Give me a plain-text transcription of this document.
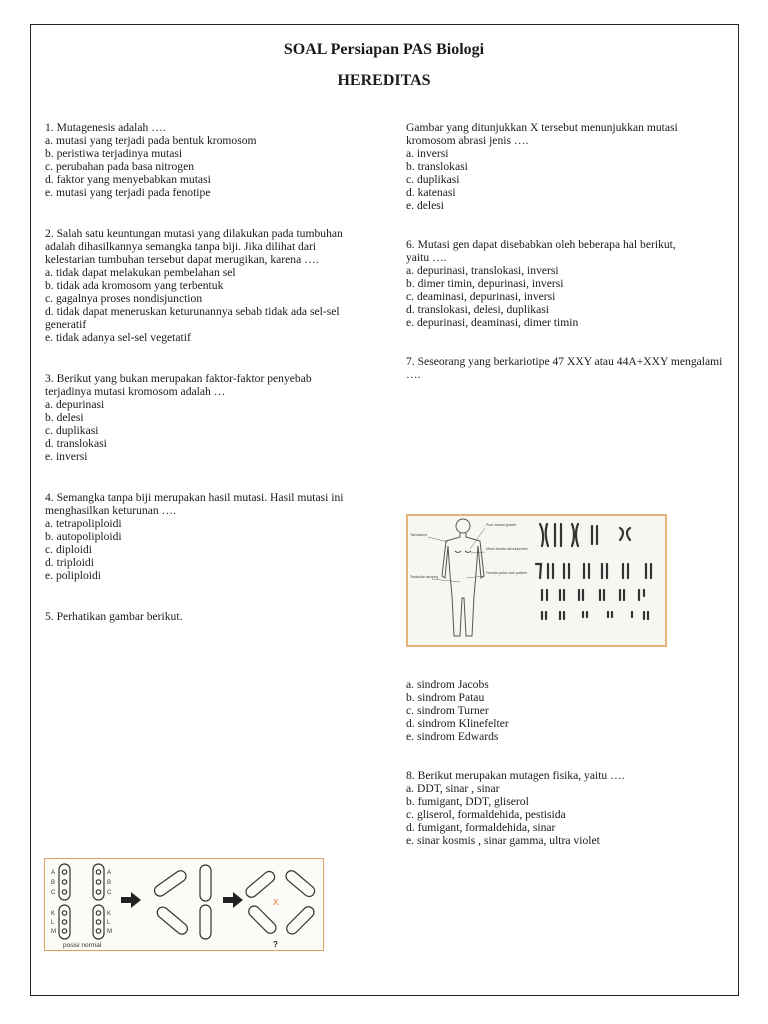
SOAL Persiapan PAS Biologi
HEREDITAS

1. Mutagenesis adalah ….

a. mutasi yang terjadi pada bentuk kromosom

b. peristiwa terjadinya mutasi

c. perubahan pada basa nitrogen

d. faktor yang menyebabkan mutasi

e. mutasi yang terjadi pada fenotipe

2. Salah satu keuntungan mutasi yang dilakukan pada tumbuhan adalah dihasilkannya semangka tanpa biji. Jika dilihat dari kelestarian tumbuhan tersebut dapat merugikan, karena ….

a. tidak dapat melakukan pembelahan sel

b. tidak ada kromosom yang terbentuk

c. gagalnya proses nondisjunction

d. tidak dapat meneruskan keturunannya sebab tidak ada sel-sel generatif

e. tidak adanya sel-sel vegetatif

3. Berikut yang bukan merupakan faktor-faktor penyebab terjadinya mutasi kromosom adalah …

a. depurinasi

b. delesi

c. duplikasi

d. translokasi

e. inversi

4. Semangka tanpa biji merupakan hasil mutasi. Hasil mutasi ini menghasilkan keturunan ….

a. tetrapoliploidi

b. autopoliploidi

c. diploidi

d. triploidi

e. poliploidi

5. Perhatikan gambar berikut.

A
B
C
A
B
C
K
L
M
K
L
M
posisi normal
X
?

Gambar yang ditunjukkan X tersebut menunjukkan mutasi kromosom abrasi jenis ….

a. inversi

b. translokasi

c. duplikasi

d. katenasi

e. delesi

6. Mutasi gen dapat disebabkan oleh beberapa hal berikut, yaitu ….

a. depurinasi, translokasi, inversi

b. dimer timin, depurinasi, inversi

c. deaminasi, depurinasi, inversi

d. translokasi, delesi, duplikasi

e. depurinasi, deaminasi, dimer timin

7. Seseorang yang berkariotipe 47 XXY atau 44A+XXY mengalami ….

Tall stature
Poor breast growth
Minor breast development
Testicular atrophy
Female-pubic hair pattern

a. sindrom Jacobs

b. sindrom Patau

c. sindrom Turner

d. sindrom Klinefelter

e. sindrom Edwards

8. Berikut merupakan mutagen fisika, yaitu ….

a. DDT, sinar , sinar

b. fumigant, DDT, gliserol

c. gliserol, formaldehida, pestisida

d. fumigant, formaldehida, sinar

e. sinar kosmis , sinar gamma, ultra violet
